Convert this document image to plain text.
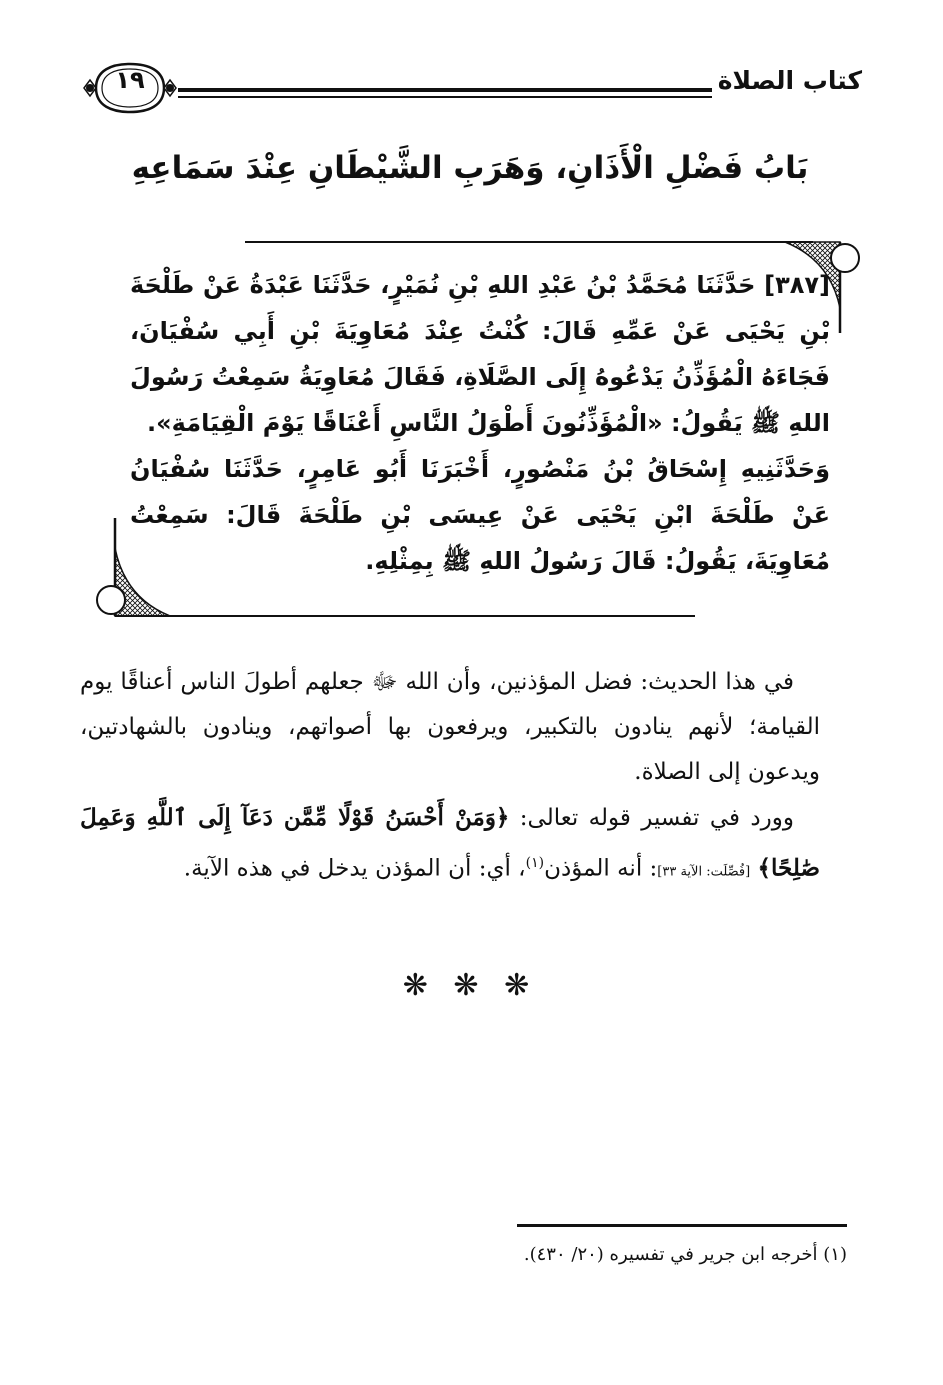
كتاب الصلاة
١٩
بَابُ فَضْلِ الْأَذَانِ، وَهَرَبِ الشَّيْطَانِ عِنْدَ سَمَاعِهِ

[٣٨٧] حَدَّثَنَا مُحَمَّدُ بْنُ عَبْدِ اللهِ بْنِ نُمَيْرٍ، حَدَّثَنَا عَبْدَةُ عَنْ طَلْحَةَ بْنِ يَحْيَى عَنْ عَمِّهِ قَالَ: كُنْتُ عِنْدَ مُعَاوِيَةَ بْنِ أَبِي سُفْيَانَ، فَجَاءَهُ الْمُؤَذِّنُ يَدْعُوهُ إِلَى الصَّلَاةِ، فَقَالَ مُعَاوِيَةُ سَمِعْتُ رَسُولَ اللهِ ﷺ يَقُولُ: «الْمُؤَذِّنُونَ أَطْوَلُ النَّاسِ أَعْنَاقًا يَوْمَ الْقِيَامَةِ».

وَحَدَّثَنِيهِ إِسْحَاقُ بْنُ مَنْصُورٍ، أَخْبَرَنَا أَبُو عَامِرٍ، حَدَّثَنَا سُفْيَانُ عَنْ طَلْحَةَ ابْنِ يَحْيَى عَنْ عِيسَى بْنِ طَلْحَةَ قَالَ: سَمِعْتُ مُعَاوِيَةَ، يَقُولُ: قَالَ رَسُولُ اللهِ ﷺ بِمِثْلِهِ.

في هذا الحديث: فضل المؤذنين، وأن الله ﷻ جعلهم أطولَ الناس أعناقًا يوم القيامة؛ لأنهم ينادون بالتكبير، ويرفعون بها أصواتهم، وينادون بالشهادتين، ويدعون إلى الصلاة.

وورد في تفسير قوله تعالى: ﴿وَمَنْ أَحْسَنُ قَوْلًا مِّمَّن دَعَآ إِلَى ٱللَّهِ وَعَمِلَ صَٰلِحًا﴾ [فُصِّلَت: الآية ٣٣]: أنه المؤذن$^{(١)}$، أي: أن المؤذن يدخل في هذه الآية.

❋ ❋ ❋
(١) أخرجه ابن جرير في تفسيره (٢٠/ ٤٣٠).
